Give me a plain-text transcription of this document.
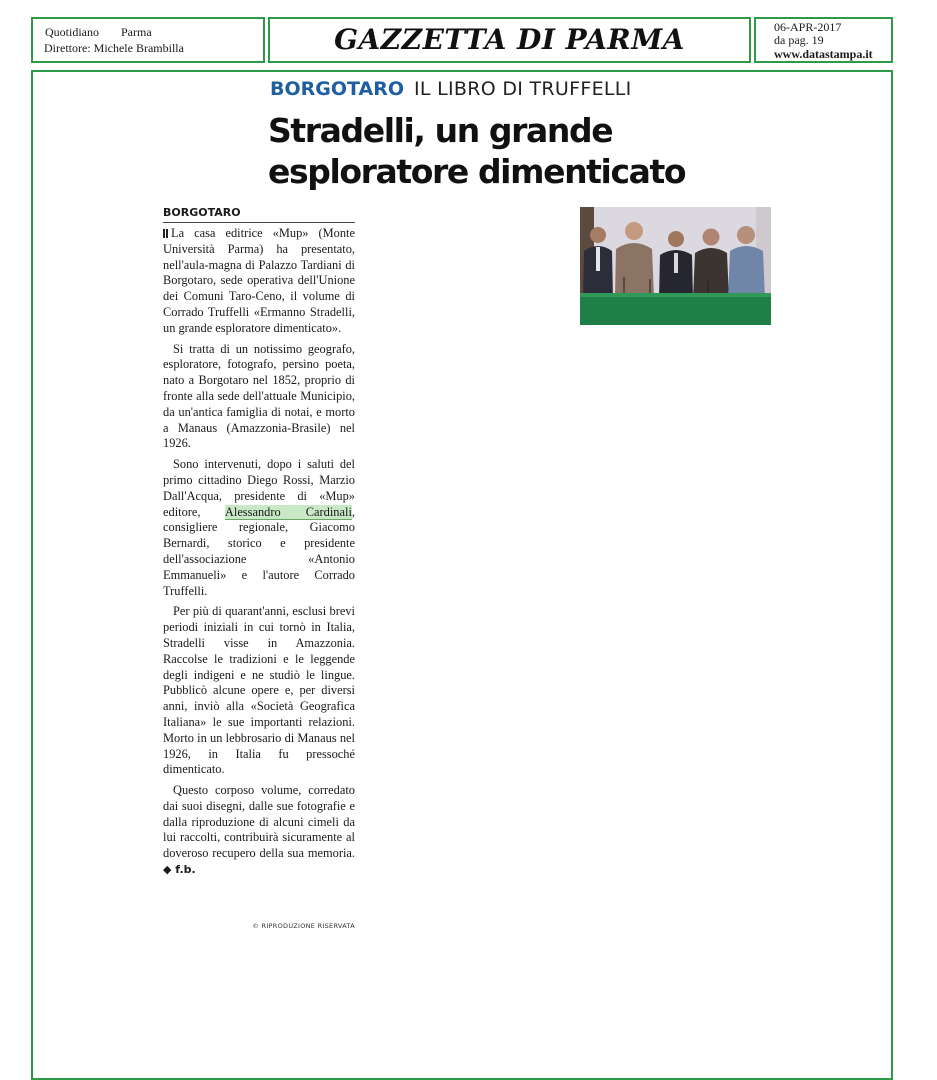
Quotidiano Parma
Direttore: Michele Brambilla	GAZZETTA DI PARMA	06-APR-2017
da pag. 19
www.datastampa.it
BORGOTARO IL LIBRO DI TRUFFELLI
Stradelli, un grande esploratore dimenticato
BORGOTARO

La casa editrice «Mup» (Monte Università Parma) ha presentato, nell'aula-magna di Palazzo Tardiani di Borgotaro, sede operativa dell'Unione dei Comuni Taro-Ceno, il volume di Corrado Truffelli «Ermanno Stradelli, un grande esploratore dimenticato».

Si tratta di un notissimo geografo, esploratore, fotografo, persino poeta, nato a Borgotaro nel 1852, proprio di fronte alla sede dell'attuale Municipio, da un'antica famiglia di notai, e morto a Manaus (Amazzonia-Brasile) nel 1926.

Sono intervenuti, dopo i saluti del primo cittadino Diego Rossi, Marzio Dall'Acqua, presidente di «Mup» editore, Alessandro Cardinali, consigliere regionale, Giacomo Bernardi, storico e presidente dell'associazione «Antonio Emmanueli» e l'autore Corrado Truffelli.

Per più di quarant'anni, esclusi brevi periodi iniziali in cui tornò in Italia, Stradelli visse in Amazzonia. Raccolse le tradizioni e le leggende degli indigeni e ne studiò le lingue. Pubblicò alcune opere e, per diversi anni, inviò alla «Società Geografica Italiana» le sue importanti relazioni. Morto in un lebbrosario di Manaus nel 1926, in Italia fu pressoché dimenticato.

Questo corposo volume, corredato dai suoi disegni, dalle sue fotografie e dalla riproduzione di alcuni cimeli da lui raccolti, contribuirà sicuramente al doveroso recupero della sua memoria. ◆ f.b.

© RIPRODUZIONE RISERVATA
